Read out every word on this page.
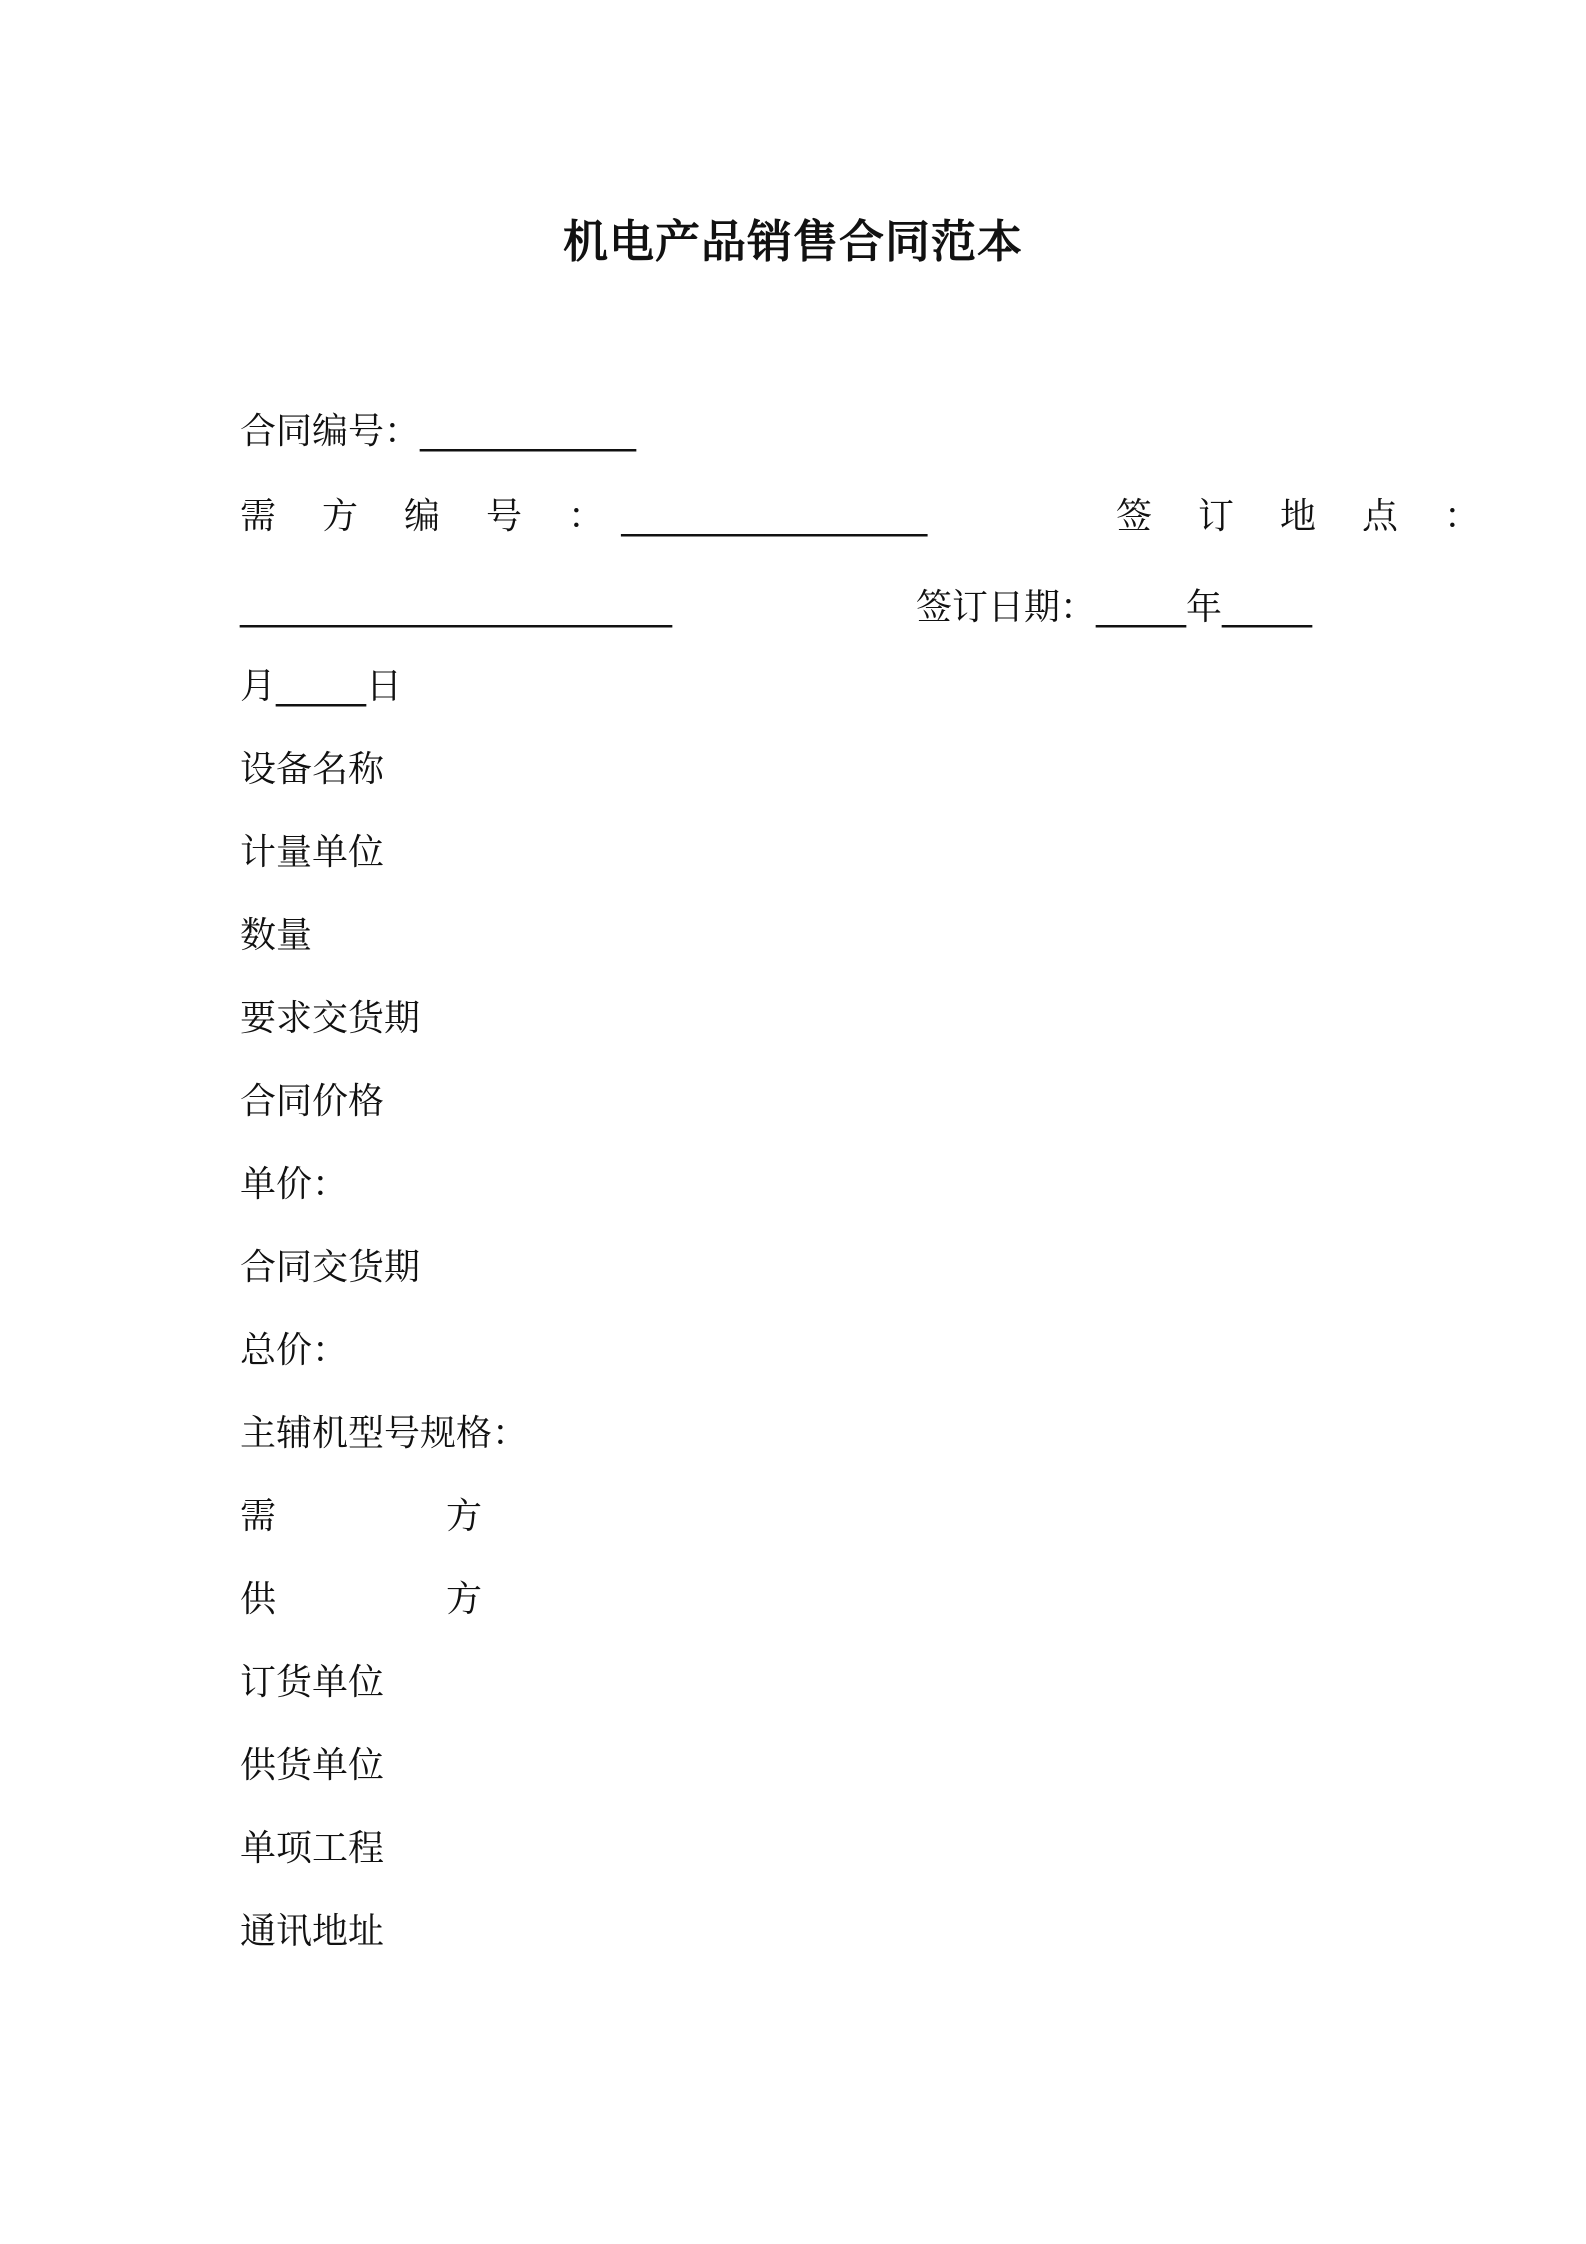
机电产品销售合同范本
合同编号：____________
需 方 编 号 ：_________________	签 订 地 点 ：
________________________	签订日期：_____年_____
月_____日
设备名称
计量单位
数量
要求交货期
合同价格
单价：
合同交货期
总价：
主辅机型号规格：
需	方
供	方
订货单位
供货单位
单项工程
通讯地址
